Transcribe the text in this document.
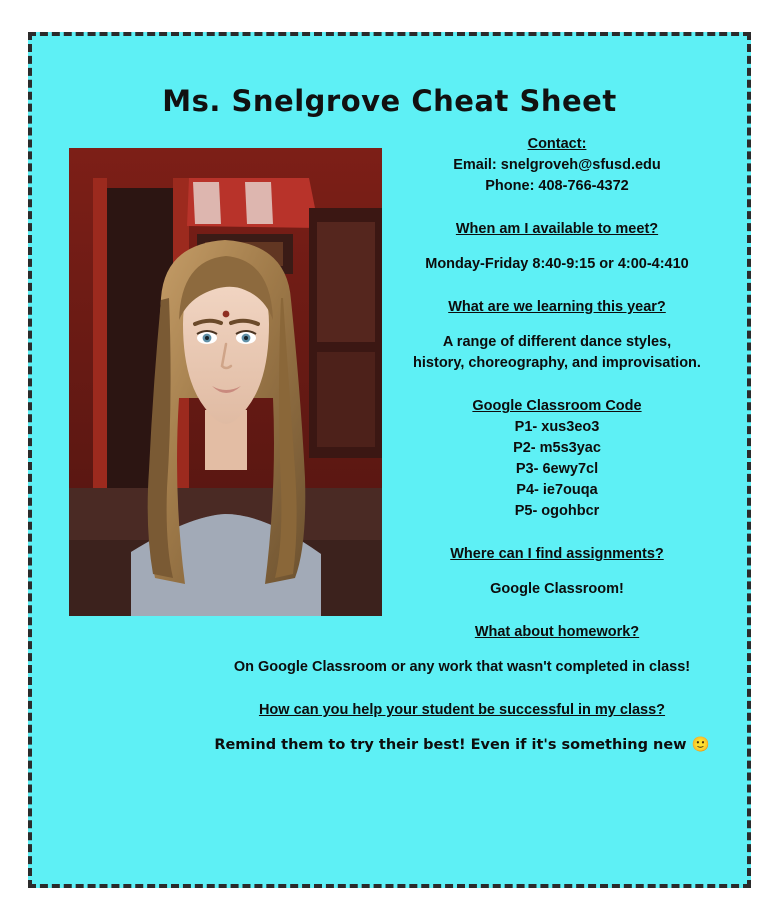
Ms. Snelgrove Cheat Sheet
Contact:
Email: snelgroveh@sfusd.edu
Phone: 408-766-4372
When am I available to meet?
Monday-Friday 8:40-9:15 or 4:00-4:410
What are we learning this year?
A range of different dance styles,
history, choreography, and improvisation.
Google Classroom Code
P1- xus3eo3
P2- m5s3yac
P3- 6ewy7cl
P4- ie7ouqa
P5- ogohbcr
Where can I find assignments?
Google Classroom!
What about homework?
On Google Classroom or any work that wasn't completed in class!
How can you help your student be successful in my class?
Remind them to try their best! Even if it's something new 🙂
